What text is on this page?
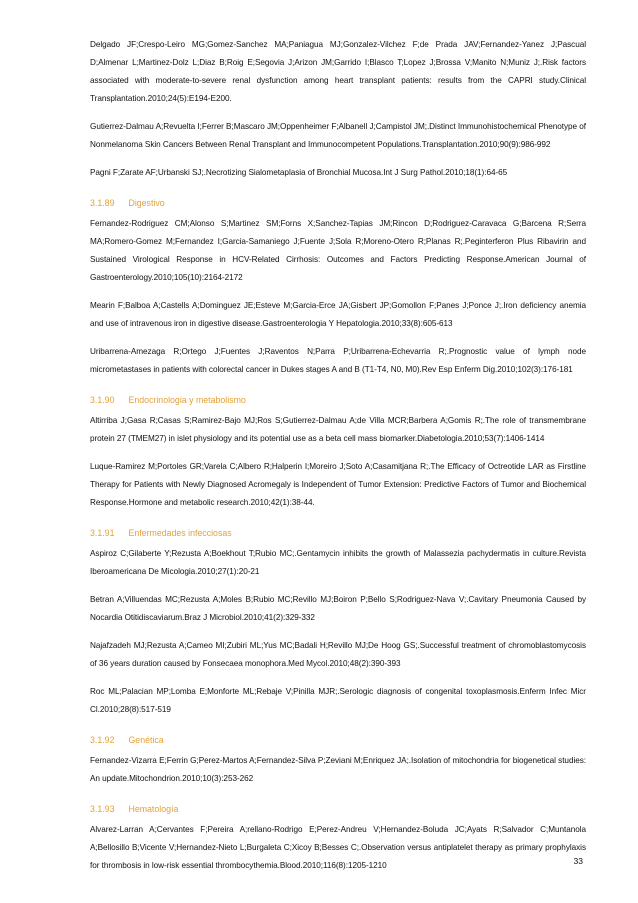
Delgado JF;Crespo-Leiro MG;Gomez-Sanchez MA;Paniagua MJ;Gonzalez-Vilchez F;de Prada JAV;Fernandez-Yanez J;Pascual D;Almenar L;Martinez-Dolz L;Diaz B;Roig E;Segovia J;Arizon JM;Garrido I;Blasco T;Lopez J;Brossa V;Manito N;Muniz J;.Risk factors associated with moderate-to-severe renal dysfunction among heart transplant patients: results from the CAPRI study.Clinical Transplantation.2010;24(5):E194-E200.

Gutierrez-Dalmau A;Revuelta I;Ferrer B;Mascaro JM;Oppenheimer F;Albanell J;Campistol JM;.Distinct Immunohistochemical Phenotype of Nonmelanoma Skin Cancers Between Renal Transplant and Immunocompetent Populations.Transplantation.2010;90(9):986-992

Pagni F;Zarate AF;Urbanski SJ;.Necrotizing Sialometaplasia of Bronchial Mucosa.Int J Surg Pathol.2010;18(1):64-65

3.1.89 Digestivo

Fernandez-Rodriguez CM;Alonso S;Martinez SM;Forns X;Sanchez-Tapias JM;Rincon D;Rodriguez-Caravaca G;Barcena R;Serra MA;Romero-Gomez M;Fernandez I;Garcia-Samaniego J;Fuente J;Sola R;Moreno-Otero R;Planas R;.Peginterferon Plus Ribavirin and Sustained Virological Response in HCV-Related Cirrhosis: Outcomes and Factors Predicting Response.American Journal of Gastroenterology.2010;105(10):2164-2172

Mearin F;Balboa A;Castells A;Dominguez JE;Esteve M;Garcia-Erce JA;Gisbert JP;Gomollon F;Panes J;Ponce J;.Iron deficiency anemia and use of intravenous iron in digestive disease.Gastroenterologia Y Hepatologia.2010;33(8):605-613

Uribarrena-Amezaga R;Ortego J;Fuentes J;Raventos N;Parra P;Uribarrena-Echevarria R;.Prognostic value of lymph node micrometastases in patients with colorectal cancer in Dukes stages A and B (T1-T4, N0, M0).Rev Esp Enferm Dig.2010;102(3):176-181

3.1.90 Endocrinologia y metabolismo

Altirriba J;Gasa R;Casas S;Ramirez-Bajo MJ;Ros S;Gutierrez-Dalmau A;de Villa MCR;Barbera A;Gomis R;.The role of transmembrane protein 27 (TMEM27) in islet physiology and its potential use as a beta cell mass biomarker.Diabetologia.2010;53(7):1406-1414

Luque-Ramirez M;Portoles GR;Varela C;Albero R;Halperin I;Moreiro J;Soto A;Casamitjana R;.The Efficacy of Octreotide LAR as Firstline Therapy for Patients with Newly Diagnosed Acromegaly is Independent of Tumor Extension: Predictive Factors of Tumor and Biochemical Response.Hormone and metabolic research.2010;42(1):38-44.

3.1.91 Enfermedades infecciosas

Aspiroz C;Gilaberte Y;Rezusta A;Boekhout T;Rubio MC;.Gentamycin inhibits the growth of Malassezia pachydermatis in culture.Revista Iberoamericana De Micologia.2010;27(1):20-21

Betran A;Villuendas MC;Rezusta A;Moles B;Rubio MC;Revillo MJ;Boiron P;Bello S;Rodriguez-Nava V;.Cavitary Pneumonia Caused by Nocardia Otitidiscaviarum.Braz J Microbiol.2010;41(2):329-332

Najafzadeh MJ;Rezusta A;Cameo MI;Zubiri ML;Yus MC;Badali H;Revillo MJ;De Hoog GS;.Successful treatment of chromoblastomycosis of 36 years duration caused by Fonsecaea monophora.Med Mycol.2010;48(2):390-393

Roc ML;Palacian MP;Lomba E;Monforte ML;Rebaje V;Pinilla MJR;.Serologic diagnosis of congenital toxoplasmosis.Enferm Infec Micr Cl.2010;28(8):517-519

3.1.92 Genética

Fernandez-Vizarra E;Ferrin G;Perez-Martos A;Fernandez-Silva P;Zeviani M;Enriquez JA;.Isolation of mitochondria for biogenetical studies: An update.Mitochondrion.2010;10(3):253-262

3.1.93 Hematología

Alvarez-Larran A;Cervantes F;Pereira A;rellano-Rodrigo E;Perez-Andreu V;Hernandez-Boluda JC;Ayats R;Salvador C;Muntanola A;Bellosillo B;Vicente V;Hernandez-Nieto L;Burgaleta C;Xicoy B;Besses C;.Observation versus antiplatelet therapy as primary prophylaxis for thrombosis in low-risk essential thrombocythemia.Blood.2010;116(8):1205-1210	33
